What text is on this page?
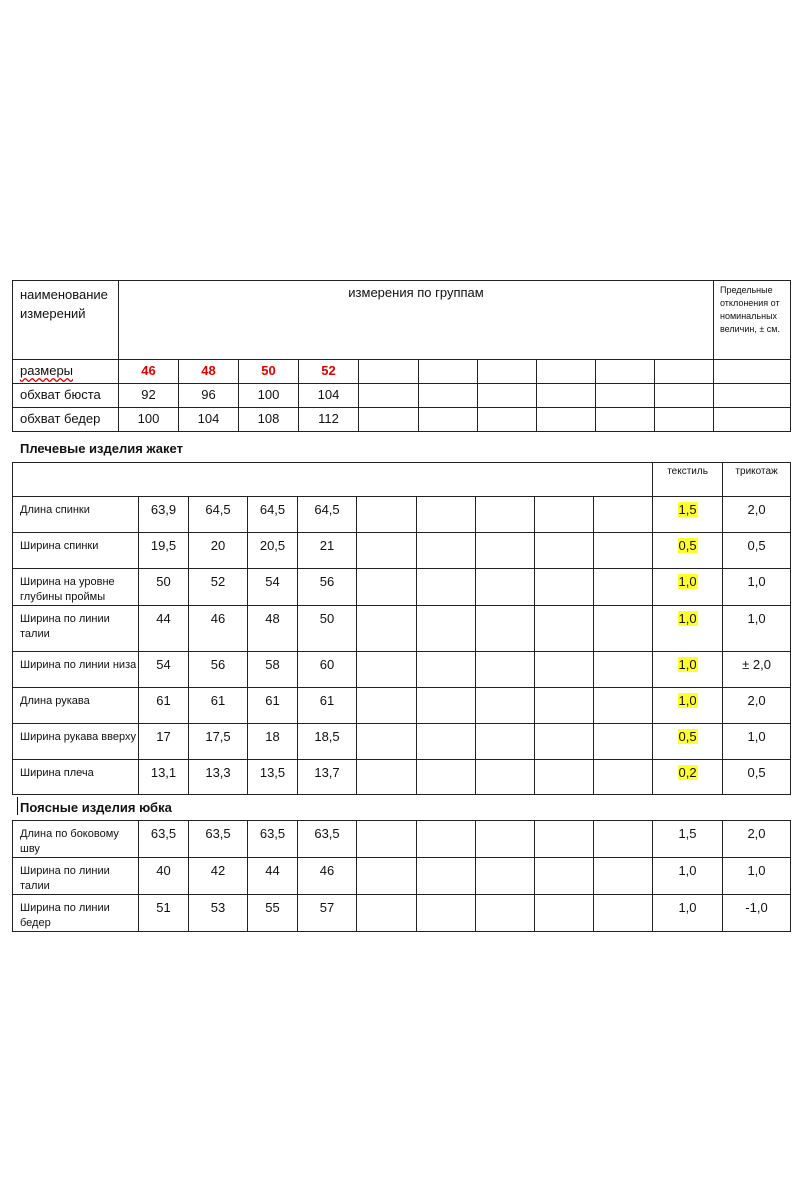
наименование измерений	измерения по группам										Предельные отклонения от номинальных величин, ± см.
размеры	46	48	50	52							
обхват бюста	92	96	100	104							
обхват бедер	100	104	108	112							
Плечевые изделия жакет
										текстиль	трикотаж
Длина спинки	63,9	64,5	64,5	64,5						1,5	2,0
Ширина спинки	19,5	20	20,5	21						0,5	0,5
Ширина на уровне глубины проймы	50	52	54	56						1,0	1,0
Ширина по линии талии	44	46	48	50						1,0	1,0
Ширина по линии низа	54	56	58	60						1,0	± 2,0
Длина рукава	61	61	61	61						1,0	2,0
Ширина рукава вверху	17	17,5	18	18,5						0,5	1,0
Ширина плеча	13,1	13,3	13,5	13,7						0,2	0,5
Поясные изделия юбка
Длина по боковому шву	63,5	63,5	63,5	63,5						1,5	2,0
Ширина по линии талии	40	42	44	46						1,0	1,0
Ширина по линии бедер	51	53	55	57						1,0	-1,0
